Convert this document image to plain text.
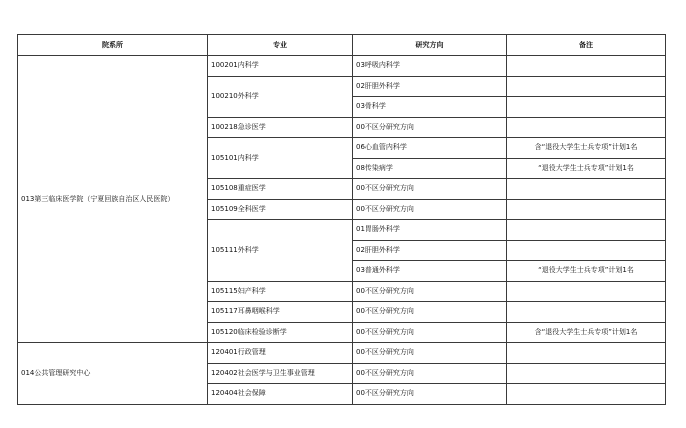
院系所	专业	研究方向	备注
013第三临床医学院（宁夏回族自治区人民医院）	100201内科学	03呼吸内科学	
	100210外科学	02肝胆外科学	
		03骨科学	
	100218急诊医学	00不区分研究方向	
	105101内科学	06心血管内科学	含“退役大学生士兵专项”计划1名
		08传染病学	“退役大学生士兵专项”计划1名
	105108重症医学	00不区分研究方向	
	105109全科医学	00不区分研究方向	
	105111外科学	01胃肠外科学	
		02肝胆外科学	
		03普通外科学	“退役大学生士兵专项”计划1名
	105115妇产科学	00不区分研究方向	
	105117耳鼻咽喉科学	00不区分研究方向	
	105120临床检验诊断学	00不区分研究方向	含“退役大学生士兵专项”计划1名
014公共管理研究中心	120401行政管理	00不区分研究方向	
	120402社会医学与卫生事业管理	00不区分研究方向	
	120404社会保障	00不区分研究方向	
